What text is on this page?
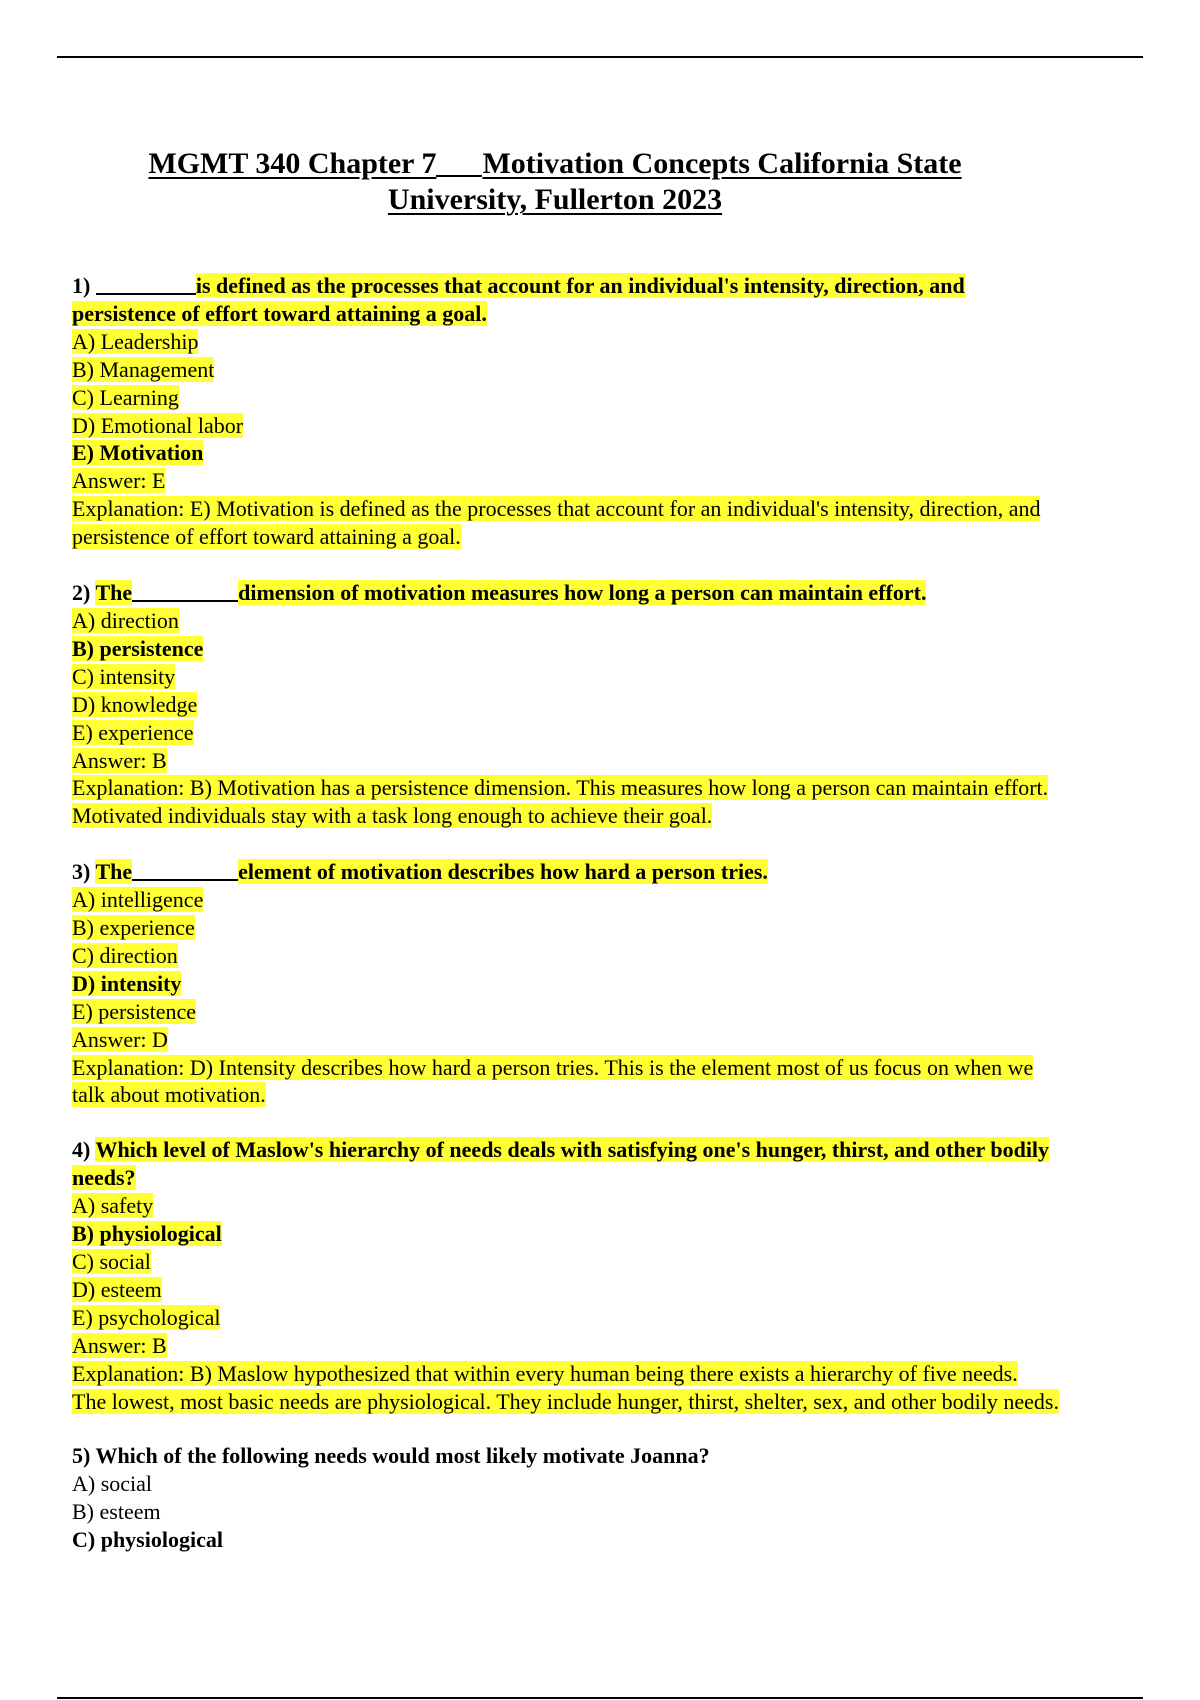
MGMT 340 Chapter 7 Motivation Concepts California State
University, Fullerton 2023
1)	is defined as the processes that account for an individual's intensity, direction, and
persistence of effort toward attaining a goal.
A) Leadership
B) Management
C) Learning
D) Emotional labor
E) Motivation
Answer: E
Explanation: E) Motivation is defined as the processes that account for an individual's intensity, direction, and
persistence of effort toward attaining a goal.
2) The	dimension of motivation measures how long a person can maintain effort.
A) direction
B) persistence
C) intensity
D) knowledge
E) experience
Answer: B
Explanation: B) Motivation has a persistence dimension. This measures how long a person can maintain effort.
Motivated individuals stay with a task long enough to achieve their goal.
3) The	element of motivation describes how hard a person tries.
A) intelligence
B) experience
C) direction
D) intensity
E) persistence
Answer: D
Explanation: D) Intensity describes how hard a person tries. This is the element most of us focus on when we
talk about motivation.
4) Which level of Maslow's hierarchy of needs deals with satisfying one's hunger, thirst, and other bodily
needs?
A) safety
B) physiological
C) social
D) esteem
E) psychological
Answer: B
Explanation: B) Maslow hypothesized that within every human being there exists a hierarchy of five needs.
The lowest, most basic needs are physiological. They include hunger, thirst, shelter, sex, and other bodily needs.
5) Which of the following needs would most likely motivate Joanna?
A) social
B) esteem
C) physiological
